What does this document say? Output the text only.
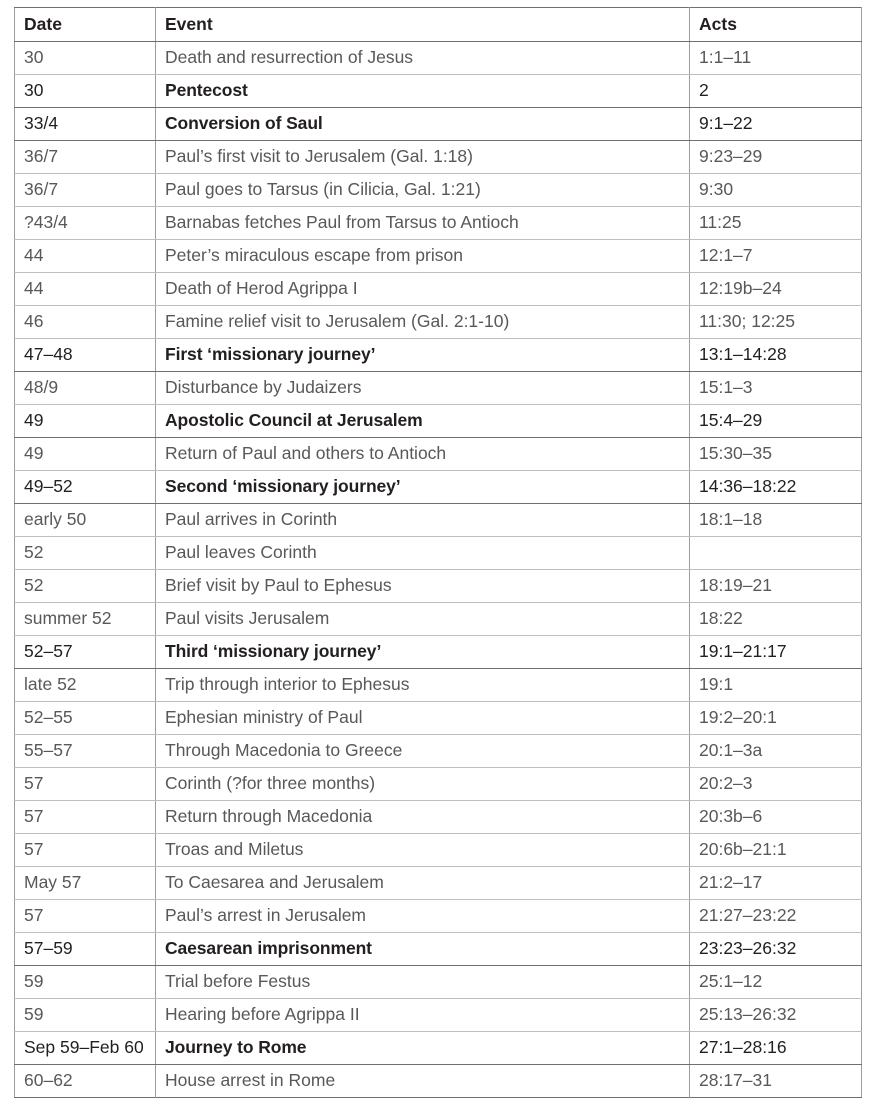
Date	Event	Acts
30	Death and resurrection of Jesus	1:1–11
30	Pentecost	2
33/4	Conversion of Saul	9:1–22
36/7	Paul’s first visit to Jerusalem (Gal. 1:18)	9:23–29
36/7	Paul goes to Tarsus (in Cilicia, Gal. 1:21)	9:30
?43/4	Barnabas fetches Paul from Tarsus to Antioch	11:25
44	Peter’s miraculous escape from prison	12:1–7
44	Death of Herod Agrippa I	12:19b–24
46	Famine relief visit to Jerusalem (Gal. 2:1-10)	11:30; 12:25
47–48	First ‘missionary journey’	13:1–14:28
48/9	Disturbance by Judaizers	15:1–3
49	Apostolic Council at Jerusalem	15:4–29
49	Return of Paul and others to Antioch	15:30–35
49–52	Second ‘missionary journey’	14:36–18:22
early 50	Paul arrives in Corinth	18:1–18
52	Paul leaves Corinth	
52	Brief visit by Paul to Ephesus	18:19–21
summer 52	Paul visits Jerusalem	18:22
52–57	Third ‘missionary journey’	19:1–21:17
late 52	Trip through interior to Ephesus	19:1
52–55	Ephesian ministry of Paul	19:2–20:1
55–57	Through Macedonia to Greece	20:1–3a
57	Corinth (?for three months)	20:2–3
57	Return through Macedonia	20:3b–6
57	Troas and Miletus	20:6b–21:1
May 57	To Caesarea and Jerusalem	21:2–17
57	Paul’s arrest in Jerusalem	21:27–23:22
57–59	Caesarean imprisonment	23:23–26:32
59	Trial before Festus	25:1–12
59	Hearing before Agrippa II	25:13–26:32
Sep 59–Feb 60	Journey to Rome	27:1–28:16
60–62	House arrest in Rome	28:17–31
